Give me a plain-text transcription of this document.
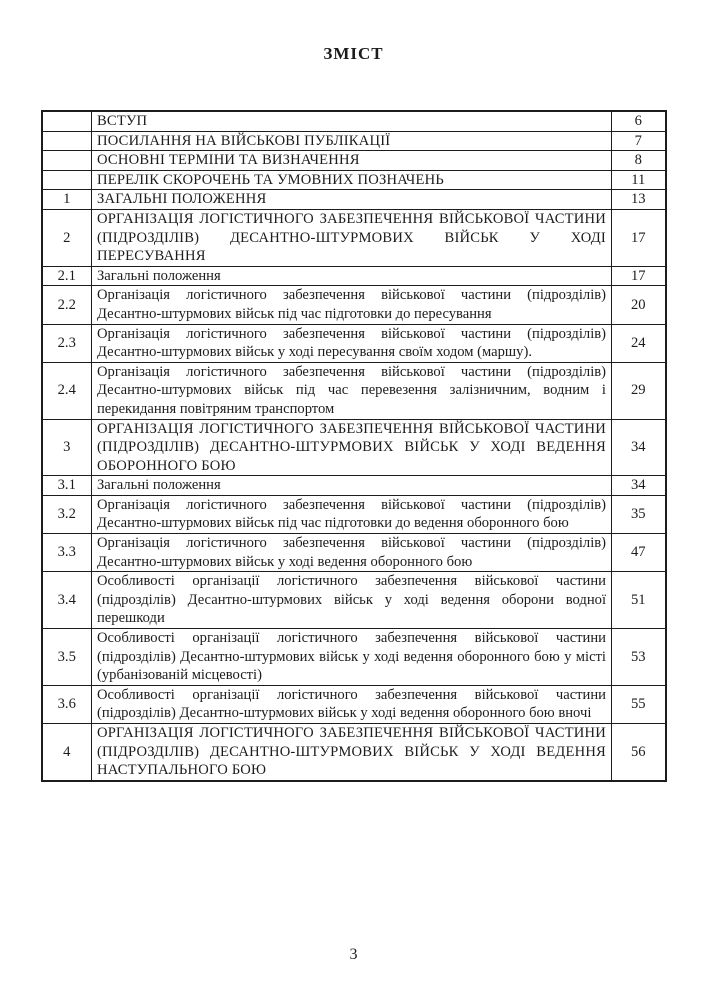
ЗМІСТ
	ВСТУП	6
	ПОСИЛАННЯ НА ВІЙСЬКОВІ ПУБЛІКАЦІЇ	7
	ОСНОВНІ ТЕРМІНИ ТА ВИЗНАЧЕННЯ	8
	ПЕРЕЛІК СКОРОЧЕНЬ ТА УМОВНИХ ПОЗНАЧЕНЬ	11
1	ЗАГАЛЬНІ ПОЛОЖЕННЯ	13
2	ОРГАНІЗАЦІЯ ЛОГІСТИЧНОГО ЗАБЕЗПЕЧЕННЯ ВІЙСЬКОВОЇ ЧАСТИНИ (ПІДРОЗДІЛІВ) ДЕСАНТНО-ШТУРМОВИХ ВІЙСЬК У ХОДІ ПЕРЕСУВАННЯ	17
2.1	Загальні положення	17
2.2	Організація логістичного забезпечення військової частини (підрозділів) Десантно-штурмових військ під час підготовки до пересування	20
2.3	Організація логістичного забезпечення військової частини (підрозділів) Десантно-штурмових військ у ході пересування своїм ходом (маршу).	24
2.4	Організація логістичного забезпечення військової частини (підрозділів) Десантно-штурмових військ під час перевезення залізничним, водним і перекидання повітряним транспортом	29
3	ОРГАНІЗАЦІЯ ЛОГІСТИЧНОГО ЗАБЕЗПЕЧЕННЯ ВІЙСЬКОВОЇ ЧАСТИНИ (ПІДРОЗДІЛІВ) ДЕСАНТНО-ШТУРМОВИХ ВІЙСЬК У ХОДІ ВЕДЕННЯ ОБОРОННОГО БОЮ	34
3.1	Загальні положення	34
3.2	Організація логістичного забезпечення військової частини (підрозділів) Десантно-штурмових військ під час підготовки до ведення оборонного бою	35
3.3	Організація логістичного забезпечення військової частини (підрозділів) Десантно-штурмових військ у ході ведення оборонного бою	47
3.4	Особливості організації логістичного забезпечення військової частини (підрозділів) Десантно-штурмових військ у ході ведення оборони водної перешкоди	51
3.5	Особливості організації логістичного забезпечення військової частини (підрозділів) Десантно-штурмових військ у ході ведення оборонного бою у місті (урбанізованій місцевості)	53
3.6	Особливості організації логістичного забезпечення військової частини (підрозділів) Десантно-штурмових військ у ході ведення оборонного бою вночі	55
4	ОРГАНІЗАЦІЯ ЛОГІСТИЧНОГО ЗАБЕЗПЕЧЕННЯ ВІЙСЬКОВОЇ ЧАСТИНИ (ПІДРОЗДІЛІВ) ДЕСАНТНО-ШТУРМОВИХ ВІЙСЬК У ХОДІ ВЕДЕННЯ НАСТУПАЛЬНОГО БОЮ	56
3
